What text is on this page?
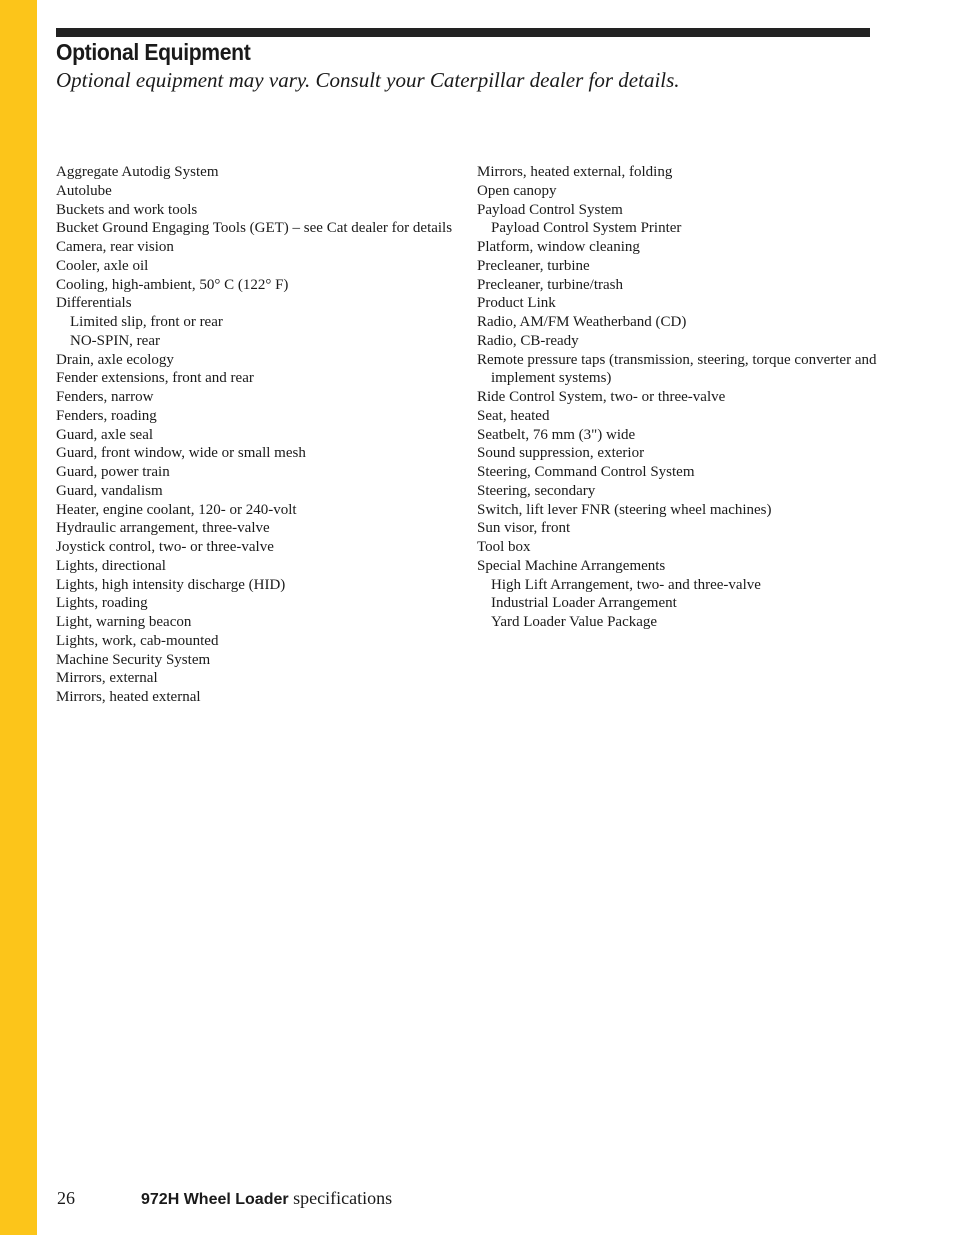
Optional Equipment

Optional equipment may vary. Consult your Caterpillar dealer for details.

Aggregate Autodig System

Autolube

Buckets and work tools

Bucket Ground Engaging Tools (GET) – see Cat dealer for details

Camera, rear vision

Cooler, axle oil

Cooling, high-ambient, 50° C (122° F)

Differentials

Limited slip, front or rear

NO-SPIN, rear

Drain, axle ecology

Fender extensions, front and rear

Fenders, narrow

Fenders, roading

Guard, axle seal

Guard, front window, wide or small mesh

Guard, power train

Guard, vandalism

Heater, engine coolant, 120- or 240-volt

Hydraulic arrangement, three-valve

Joystick control, two- or three-valve

Lights, directional

Lights, high intensity discharge (HID)

Lights, roading

Light, warning beacon

Lights, work, cab-mounted

Machine Security System

Mirrors, external

Mirrors, heated external

Mirrors, heated external, folding

Open canopy

Payload Control System

Payload Control System Printer

Platform, window cleaning

Precleaner, turbine

Precleaner, turbine/trash

Product Link

Radio, AM/FM Weatherband (CD)

Radio, CB-ready

Remote pressure taps (transmission, steering, torque converter and implement systems)

Ride Control System, two- or three-valve

Seat, heated

Seatbelt, 76 mm (3") wide

Sound suppression, exterior

Steering, Command Control System

Steering, secondary

Switch, lift lever FNR (steering wheel machines)

Sun visor, front

Tool box

Special Machine Arrangements

High Lift Arrangement, two- and three-valve

Industrial Loader Arrangement

Yard Loader Value Package

26	972H Wheel Loader specifications
